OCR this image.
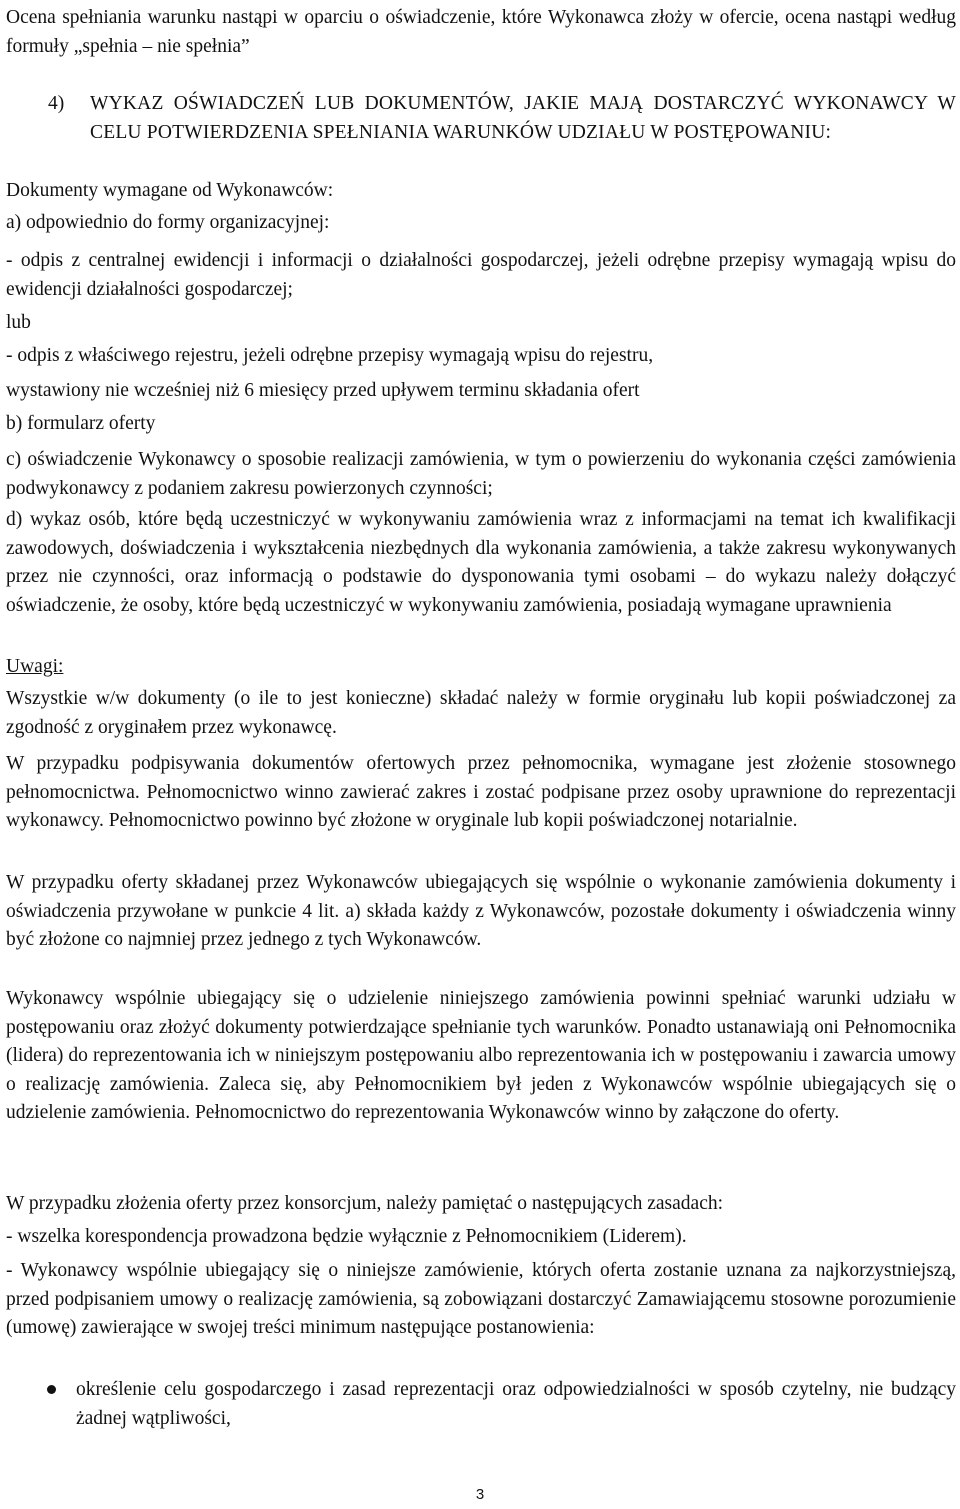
Ocena spełniania warunku nastąpi w oparciu o oświadczenie, które Wykonawca złoży w ofercie, ocena nastąpi według formuły „spełnia – nie spełnia”

4) WYKAZ OŚWIADCZEŃ LUB DOKUMENTÓW, JAKIE MAJĄ DOSTARCZYĆ WYKONAWCY W CELU POTWIERDZENIA SPEŁNIANIA WARUNKÓW UDZIAŁU W POSTĘPOWANIU:

Dokumenty wymagane od Wykonawców:

a) odpowiednio do formy organizacyjnej:

- odpis z centralnej ewidencji i informacji o działalności gospodarczej, jeżeli odrębne przepisy wymagają wpisu do ewidencji działalności gospodarczej;

lub

- odpis z właściwego rejestru, jeżeli odrębne przepisy wymagają wpisu do rejestru,

wystawiony nie wcześniej niż 6 miesięcy przed upływem terminu składania ofert

b) formularz oferty

c) oświadczenie Wykonawcy o sposobie realizacji zamówienia, w tym o powierzeniu do wykonania części zamówienia podwykonawcy z podaniem zakresu powierzonych czynności;

d) wykaz osób, które będą uczestniczyć w wykonywaniu zamówienia wraz z informacjami na temat ich kwalifikacji zawodowych, doświadczenia i wykształcenia niezbędnych dla wykonania zamówienia, a także zakresu wykonywanych przez nie czynności, oraz informacją o podstawie do dysponowania tymi osobami – do wykazu należy dołączyć oświadczenie, że osoby, które będą uczestniczyć w wykonywaniu zamówienia, posiadają wymagane uprawnienia

Uwagi:

Wszystkie w/w dokumenty (o ile to jest konieczne) składać należy w formie oryginału lub kopii poświadczonej za zgodność z oryginałem przez wykonawcę.

W przypadku podpisywania dokumentów ofertowych przez pełnomocnika, wymagane jest złożenie stosownego pełnomocnictwa. Pełnomocnictwo winno zawierać zakres i zostać podpisane przez osoby uprawnione do reprezentacji wykonawcy. Pełnomocnictwo powinno być złożone w oryginale lub kopii poświadczonej notarialnie.

W przypadku oferty składanej przez Wykonawców ubiegających się wspólnie o wykonanie zamówienia dokumenty i oświadczenia przywołane w punkcie 4 lit. a) składa każdy z Wykonawców, pozostałe dokumenty i oświadczenia winny być złożone co najmniej przez jednego z tych Wykonawców.

Wykonawcy wspólnie ubiegający się o udzielenie niniejszego zamówienia powinni spełniać warunki udziału w postępowaniu oraz złożyć dokumenty potwierdzające spełnianie tych warunków. Ponadto ustanawiają oni Pełnomocnika (lidera) do reprezentowania ich w niniejszym postępowaniu albo reprezentowania ich w postępowaniu i zawarcia umowy o realizację zamówienia. Zaleca się, aby Pełnomocnikiem był jeden z Wykonawców wspólnie ubiegających się o udzielenie zamówienia. Pełnomocnictwo do reprezentowania Wykonawców winno by załączone do oferty.

W przypadku złożenia oferty przez konsorcjum, należy pamiętać o następujących zasadach:

- wszelka korespondencja prowadzona będzie wyłącznie z Pełnomocnikiem (Liderem).

- Wykonawcy wspólnie ubiegający się o niniejsze zamówienie, których oferta zostanie uznana za najkorzystniejszą, przed podpisaniem umowy o realizację zamówienia, są zobowiązani dostarczyć Zamawiającemu stosowne porozumienie (umowę) zawierające w swojej treści minimum następujące postanowienia:

określenie celu gospodarczego i zasad reprezentacji oraz odpowiedzialności w sposób czytelny, nie budzący żadnej wątpliwości,

3
